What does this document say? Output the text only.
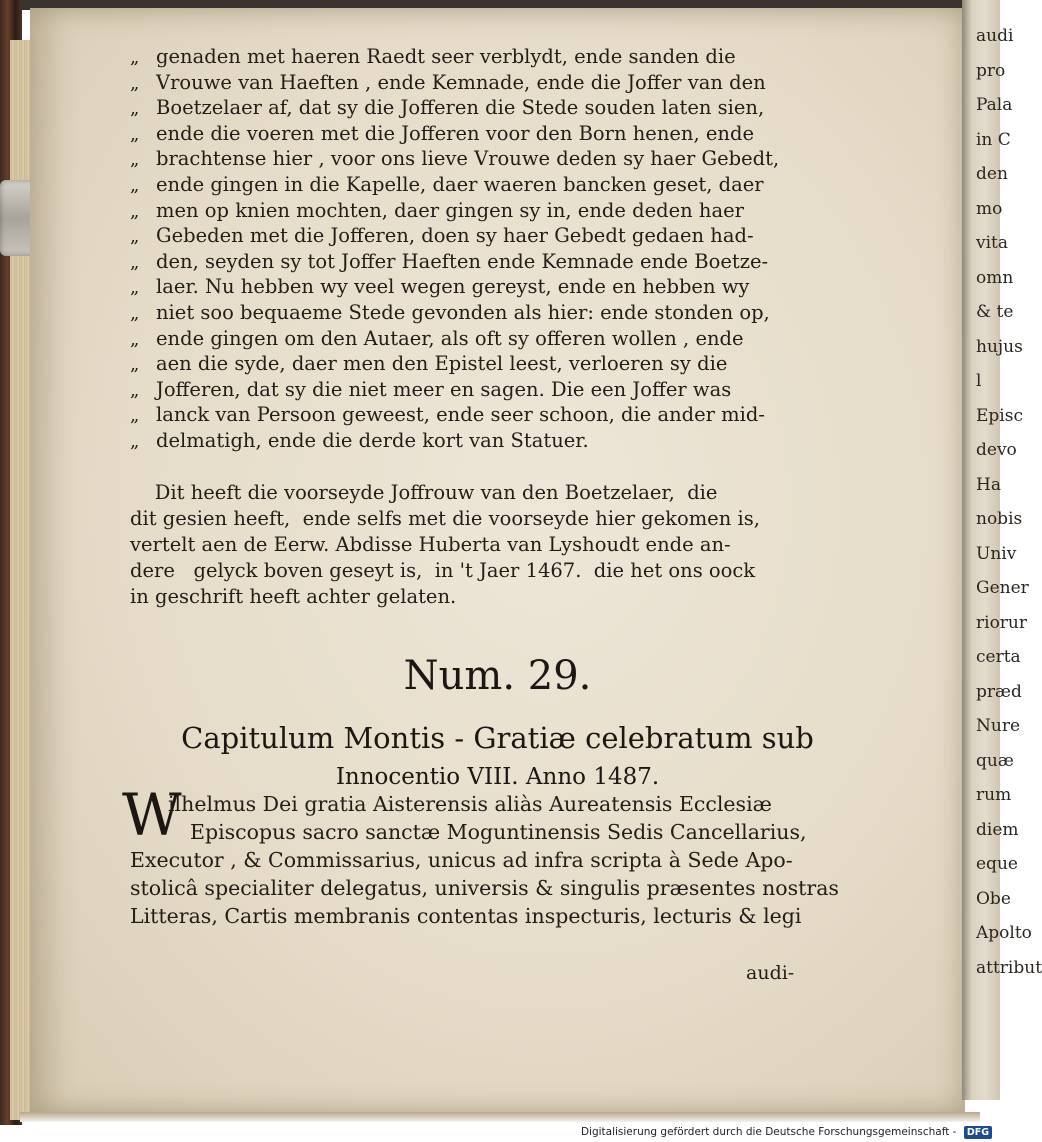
„ genaden met haeren Raedt seer verblydt, ende sanden die
„ Vrouwe van Haeften , ende Kemnade, ende die Joffer van den
„ Boetzelaer af, dat sy die Jofferen die Stede souden laten sien,
„ ende die voeren met die Jofferen voor den Born henen, ende
„ brachtense hier , voor ons lieve Vrouwe deden sy haer Gebedt,
„ ende gingen in die Kapelle, daer waeren bancken geset, daer
„ men op knien mochten, daer gingen sy in, ende deden haer
„ Gebeden met die Jofferen, doen sy haer Gebedt gedaen had-
„ den, seyden sy tot Joffer Haeften ende Kemnade ende Boetze-
„ laer. Nu hebben wy veel wegen gereyst, ende en hebben wy
„ niet soo bequaeme Stede gevonden als hier: ende stonden op,
„ ende gingen om den Autaer, als oft sy offeren wollen , ende
„ aen die syde, daer men den Epistel leest, verloeren sy die
„ Jofferen, dat sy die niet meer en sagen. Die een Joffer was
„ lanck van Persoon geweest, ende seer schoon, die ander mid-
„ delmatigh, ende die derde kort van Statuer.
Dit heeft die voorseyde Joffrouw van den Boetzelaer,  die
dit gesien heeft,  ende selfs met die voorseyde hier gekomen is,
vertelt aen de Eerw. Abdisse Huberta van Lyshoudt ende an-
dere   gelyck boven geseyt is,  in 't Jaer 1467.  die het ons oock
in geschrift heeft achter gelaten.
Num. 29.
Capitulum Montis - Gratiæ celebratum sub
Innocentio VIII. Anno 1487.
W
ilhelmus Dei gratia Aisterensis aliàs Aureatensis Ecclesiæ
Episcopus sacro sanctæ Moguntinensis Sedis Cancellarius,
Executor , & Commissarius, unicus ad infra scripta à Sede Apo-
stolicâ specialiter delegatus, universis & singulis præsentes nostras
Litteras, Cartis membranis contentas inspecturis, lecturis & legi
audi-
audi
pro
Pala
in C
den
mo
vita
omn
& te
hujus
l
Episc
devo
Ha
nobis
Univ
Gener
riorur
certa
præd
Nure
quæ
rum
diem
eque
Obe
Apolto
attribut
Digitalisierung gefördert durch die Deutsche Forschungsgemeinschaft - DFG
